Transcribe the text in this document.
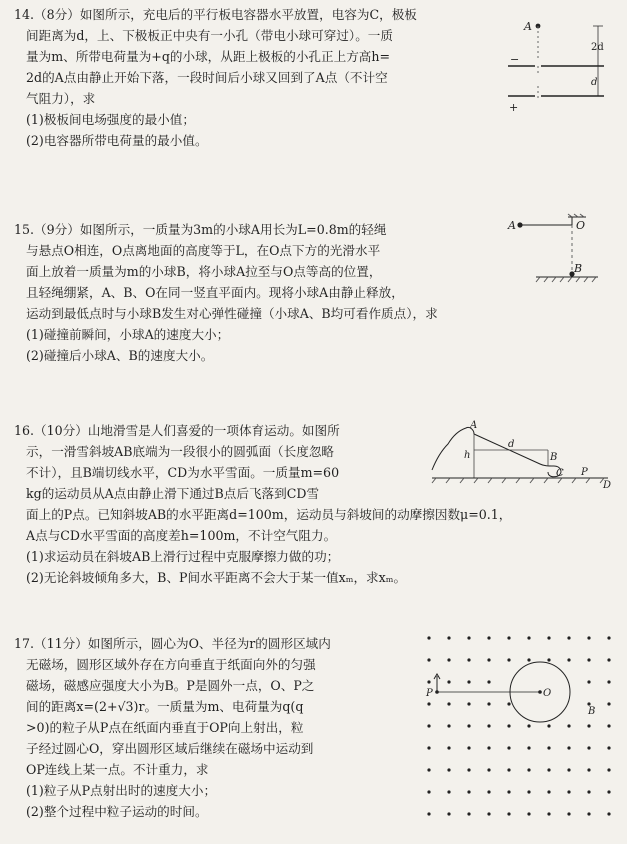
14.（8分）如图所示，充电后的平行板电容器水平放置，电容为C，极板
间距离为d，上、下极板正中央有一小孔（带电小球可穿过）。一质
量为m、所带电荷量为+q的小球，从距上极板的小孔正上方高h=
2d的A点由静止开始下落，一段时间后小球又回到了A点（不计空
气阻力），求
(1)极板间电场强度的最小值；
(2)电容器所带电荷量的最小值。
A
2d
−
d
+
15.（9分）如图所示，一质量为3m的小球A用长为L=0.8m的轻绳
与悬点O相连，O点离地面的高度等于L，在O点下方的光滑水平
面上放着一质量为m的小球B，将小球A拉至与O点等高的位置，
且轻绳绷紧，A、B、O在同一竖直平面内。现将小球A由静止释放，
运动到最低点时与小球B发生对心弹性碰撞（小球A、B均可看作质点），求
(1)碰撞前瞬间，小球A的速度大小；
(2)碰撞后小球A、B的速度大小。
A	O
B
16.（10分）山地滑雪是人们喜爱的一项体育运动。如图所
示，一滑雪斜坡AB底端为一段很小的圆弧面（长度忽略
不计），且B端切线水平，CD为水平雪面。一质量m=60
kg的运动员从A点由静止滑下通过B点后飞落到CD雪
面上的P点。已知斜坡AB的水平距离d=100m，运动员与斜坡间的动摩擦因数μ=0.1，
A点与CD水平雪面的高度差h=100m，不计空气阻力。
(1)求运动员在斜坡AB上滑行过程中克服摩擦力做的功；
(2)无论斜坡倾角多大，B、P间水平距离不会大于某一值xₘ，求xₘ。
A
B
h
d
C P
D
17.（11分）如图所示，圆心为O、半径为r的圆形区域内
无磁场，圆形区域外存在方向垂直于纸面向外的匀强
磁场，磁感应强度大小为B。P是圆外一点，O、P之
间的距离x=(2+√3)r。一质量为m、电荷量为q(q
>0)的粒子从P点在纸面内垂直于OP向上射出，粒
子经过圆心O，穿出圆形区域后继续在磁场中运动到
OP连线上某一点。不计重力，求
(1)粒子从P点射出时的速度大小；
(2)整个过程中粒子运动的时间。
O
P
B
